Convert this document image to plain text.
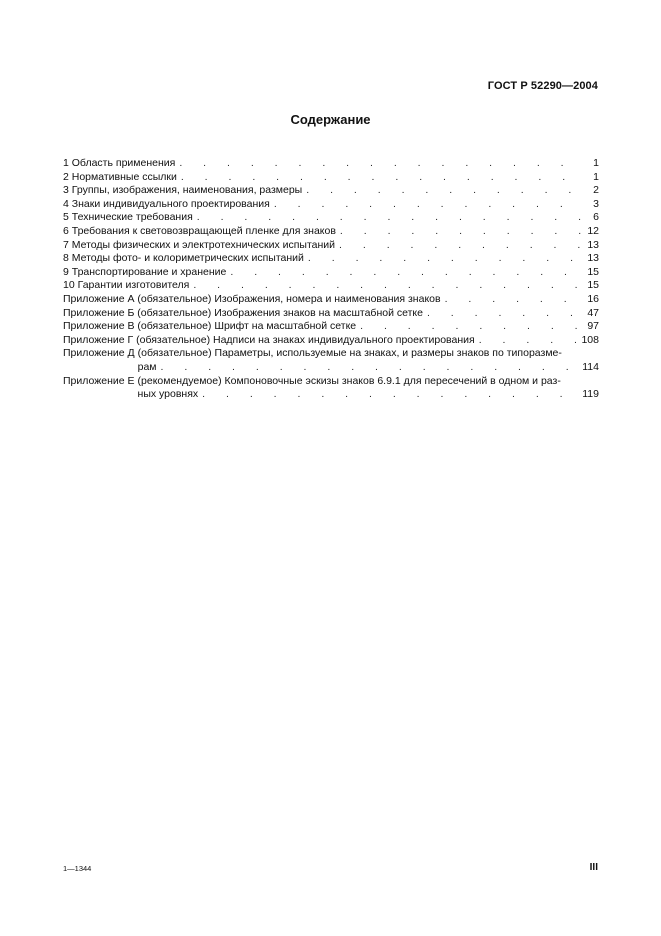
ГОСТ Р 52290—2004
Содержание
1 Область применения . . .	1
2 Нормативные ссылки . . .	1
3 Группы, изображения, наименования, размеры . . .	2
4 Знаки индивидуального проектирования . . .	3
5 Технические требования . . .	6
6 Требования к световозвращающей пленке для знаков . . .	12
7 Методы физических и электротехнических испытаний . . .	13
8 Методы фото- и колориметрических испытаний . . .	13
9 Транспортирование и хранение . . .	15
10 Гарантии изготовителя . . .	15
Приложение А (обязательное) Изображения, номера и наименования знаков . . .	16
Приложение Б (обязательное) Изображения знаков на масштабной сетке . . .	47
Приложение В (обязательное) Шрифт на масштабной сетке . . .	97
Приложение Г (обязательное) Надписи на знаках индивидуального проектирования . . .	108
Приложение Д (обязательное) Параметры, используемые на знаках, и размеры знаков по типоразме-
рам . . .	114
Приложение Е (рекомендуемое) Компоновочные эскизы знаков 6.9.1 для пересечений в одном и раз-
ных уровнях . . .	119
1—1344	III
